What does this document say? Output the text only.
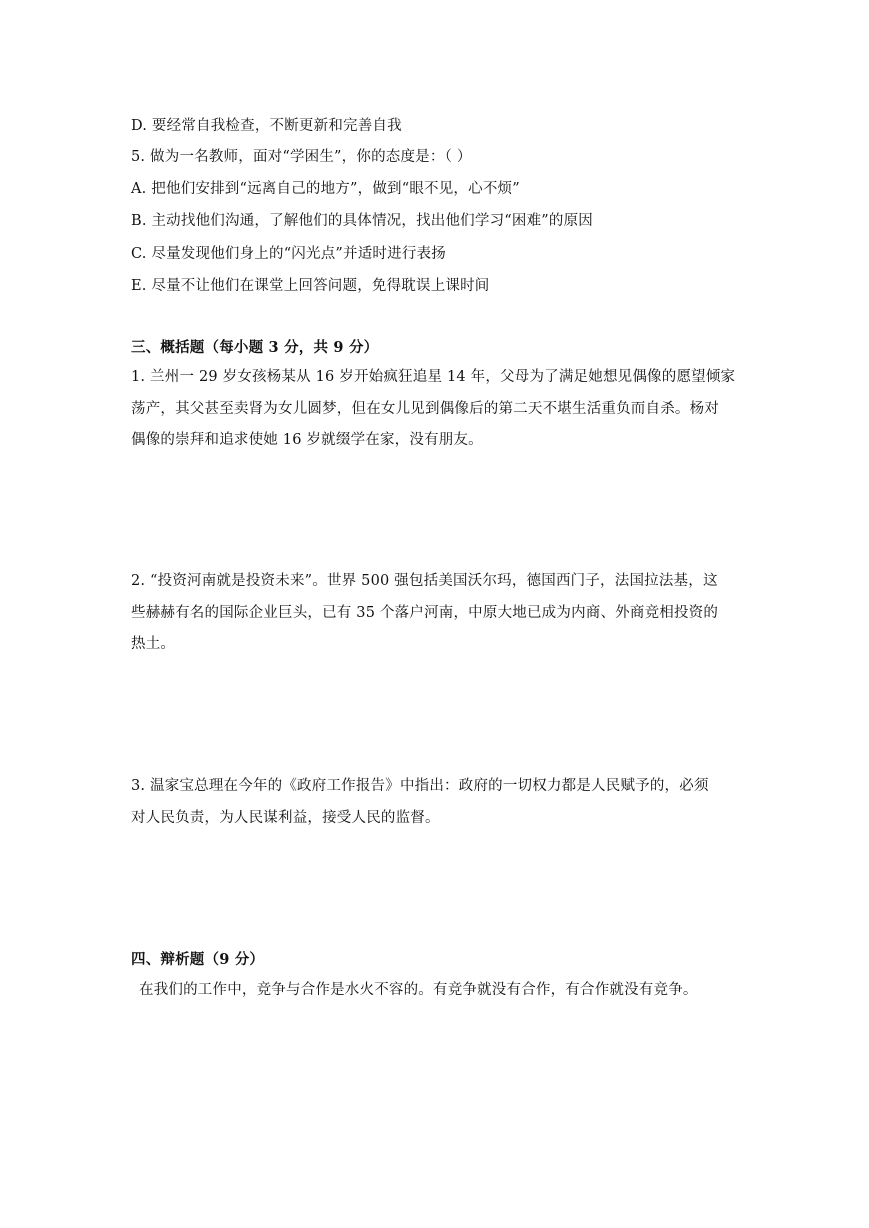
D. 要经常自我检查，不断更新和完善自我
5. 做为一名教师，面对“学困生”，你的态度是：（ ）
A. 把他们安排到“远离自己的地方”，做到“眼不见，心不烦”
B. 主动找他们沟通，了解他们的具体情况，找出他们学习“困难”的原因
C. 尽量发现他们身上的“闪光点”并适时进行表扬
E. 尽量不让他们在课堂上回答问题，免得耽误上课时间
三、概括题（每小题 3 分，共 9 分）
1. 兰州一 29 岁女孩杨某从 16 岁开始疯狂追星 14 年，父母为了满足她想见偶像的愿望倾家
荡产，其父甚至卖肾为女儿圆梦，但在女儿见到偶像后的第二天不堪生活重负而自杀。杨对
偶像的崇拜和追求使她 16 岁就缀学在家，没有朋友。
2. “投资河南就是投资未来”。世界 500 强包括美国沃尔玛，德国西门子，法国拉法基，这
些赫赫有名的国际企业巨头，已有 35 个落户河南，中原大地已成为内商、外商竞相投资的
热土。
3. 温家宝总理在今年的《政府工作报告》中指出：政府的一切权力都是人民赋予的，必须
对人民负责，为人民谋利益，接受人民的监督。
四、辩析题（9 分）
在我们的工作中，竞争与合作是水火不容的。有竞争就没有合作，有合作就没有竞争。
